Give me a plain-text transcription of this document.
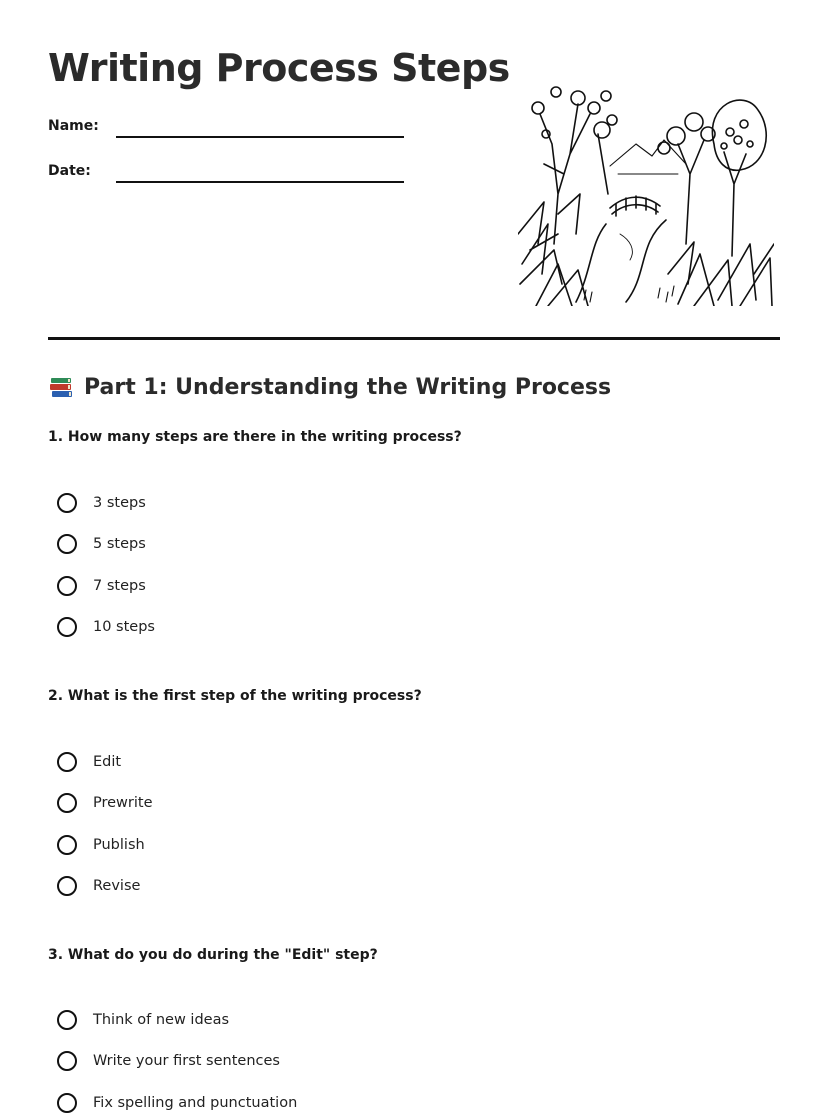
Writing Process Steps
Name:
Date:
Part 1: Understanding the Writing Process
1. How many steps are there in the writing process?
3 steps
5 steps
7 steps
10 steps
2. What is the first step of the writing process?
Edit
Prewrite
Publish
Revise
3. What do you do during the "Edit" step?
Think of new ideas
Write your first sentences
Fix spelling and punctuation
